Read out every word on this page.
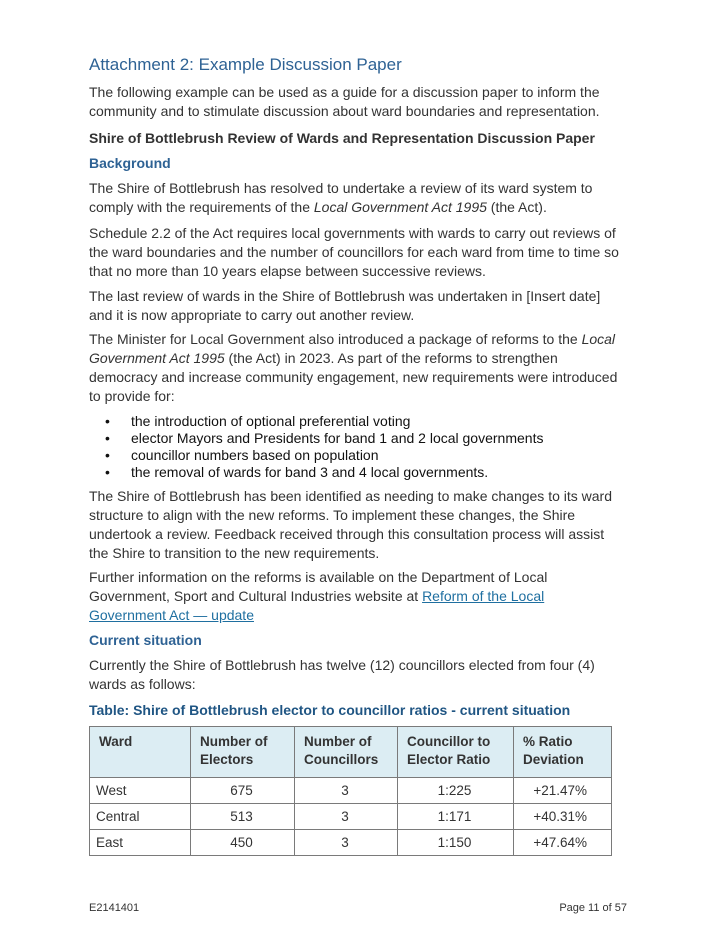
Attachment 2: Example Discussion Paper

The following example can be used as a guide for a discussion paper to inform the community and to stimulate discussion about ward boundaries and representation.

Shire of Bottlebrush Review of Wards and Representation Discussion Paper

Background

The Shire of Bottlebrush has resolved to undertake a review of its ward system to comply with the requirements of the Local Government Act 1995 (the Act).

Schedule 2.2 of the Act requires local governments with wards to carry out reviews of the ward boundaries and the number of councillors for each ward from time to time so that no more than 10 years elapse between successive reviews.

The last review of wards in the Shire of Bottlebrush was undertaken in [Insert date] and it is now appropriate to carry out another review.

The Minister for Local Government also introduced a package of reforms to the Local Government Act 1995 (the Act) in 2023. As part of the reforms to strengthen democracy and increase community engagement, new requirements were introduced to provide for:

• the introduction of optional preferential voting
• elector Mayors and Presidents for band 1 and 2 local governments
• councillor numbers based on population
• the removal of wards for band 3 and 4 local governments.

The Shire of Bottlebrush has been identified as needing to make changes to its ward structure to align with the new reforms. To implement these changes, the Shire undertook a review. Feedback received through this consultation process will assist the Shire to transition to the new requirements.

Further information on the reforms is available on the Department of Local Government, Sport and Cultural Industries website at Reform of the Local Government Act — update

Current situation

Currently the Shire of Bottlebrush has twelve (12) councillors elected from four (4) wards as follows:

Table: Shire of Bottlebrush elector to councillor ratios - current situation

Ward	Number of Electors	Number of Councillors	Councillor to Elector Ratio	% Ratio Deviation
West	675	3	1:225	+21.47%
Central	513	3	1:171	+40.31%
East	450	3	1:150	+47.64%
E2141401	Page 11 of 57
